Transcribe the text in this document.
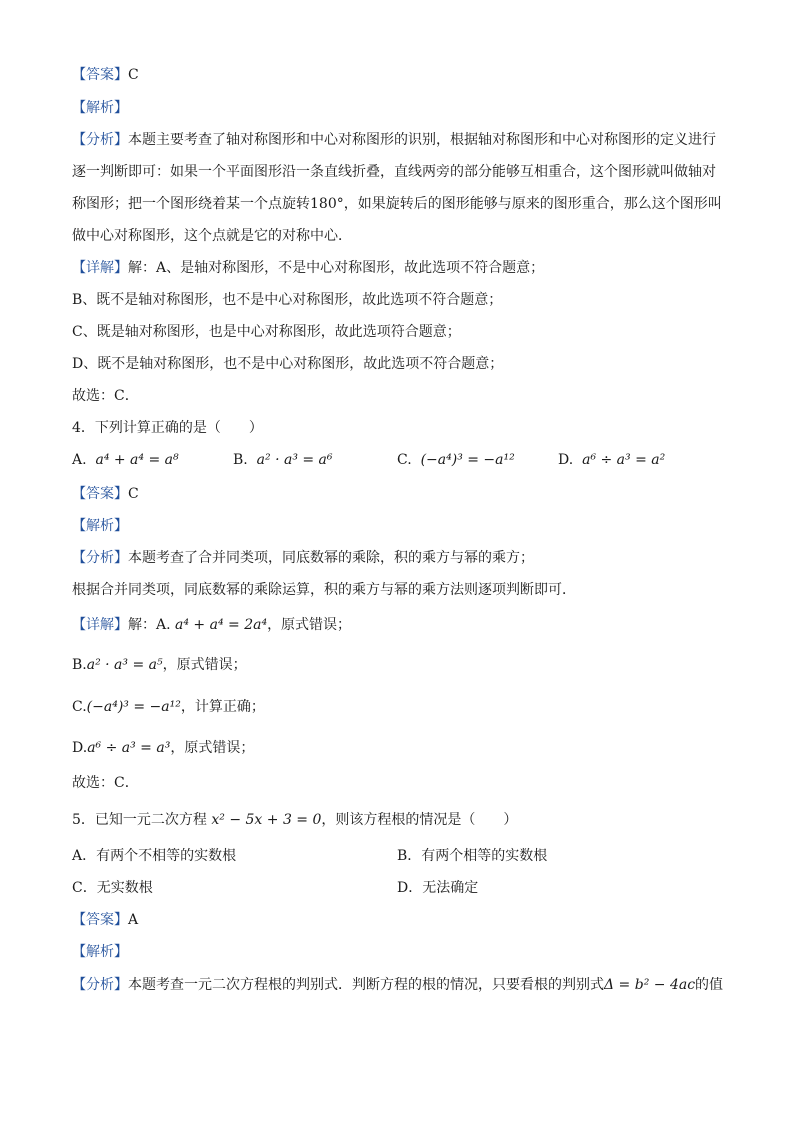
【答案】C
【解析】
【分析】本题主要考查了轴对称图形和中心对称图形的识别，根据轴对称图形和中心对称图形的定义进行
逐一判断即可：如果一个平面图形沿一条直线折叠，直线两旁的部分能够互相重合，这个图形就叫做轴对
称图形；把一个图形绕着某一个点旋转180°，如果旋转后的图形能够与原来的图形重合，那么这个图形叫
做中心对称图形，这个点就是它的对称中心．
【详解】解：A、是轴对称图形，不是中心对称图形，故此选项不符合题意；
B、既不是轴对称图形，也不是中心对称图形，故此选项不符合题意；
C、既是轴对称图形，也是中心对称图形，故此选项符合题意；
D、既不是轴对称图形，也不是中心对称图形，故此选项不符合题意；
故选：C．
4．下列计算正确的是（　　）
A. a⁴ + a⁴ = a⁸	B. a² · a³ = a⁶	C. (−a⁴)³ = −a¹²	D. a⁶ ÷ a³ = a²
【答案】C
【解析】
【分析】本题考查了合并同类项，同底数幂的乘除，积的乘方与幂的乘方；
根据合并同类项，同底数幂的乘除运算，积的乘方与幂的乘方法则逐项判断即可．
【详解】解：A. a⁴ + a⁴ = 2a⁴，原式错误；
B.a² · a³ = a⁵，原式错误；
C.(−a⁴)³ = −a¹²，计算正确；
D.a⁶ ÷ a³ = a³，原式错误；
故选：C．
5．已知一元二次方程 x² − 5x + 3 = 0，则该方程根的情况是（　　）
A．有两个不相等的实数根	B．有两个相等的实数根
C．无实数根	D．无法确定
【答案】A
【解析】
【分析】本题考查一元二次方程根的判别式．判断方程的根的情况，只要看根的判别式Δ = b² − 4ac的值
